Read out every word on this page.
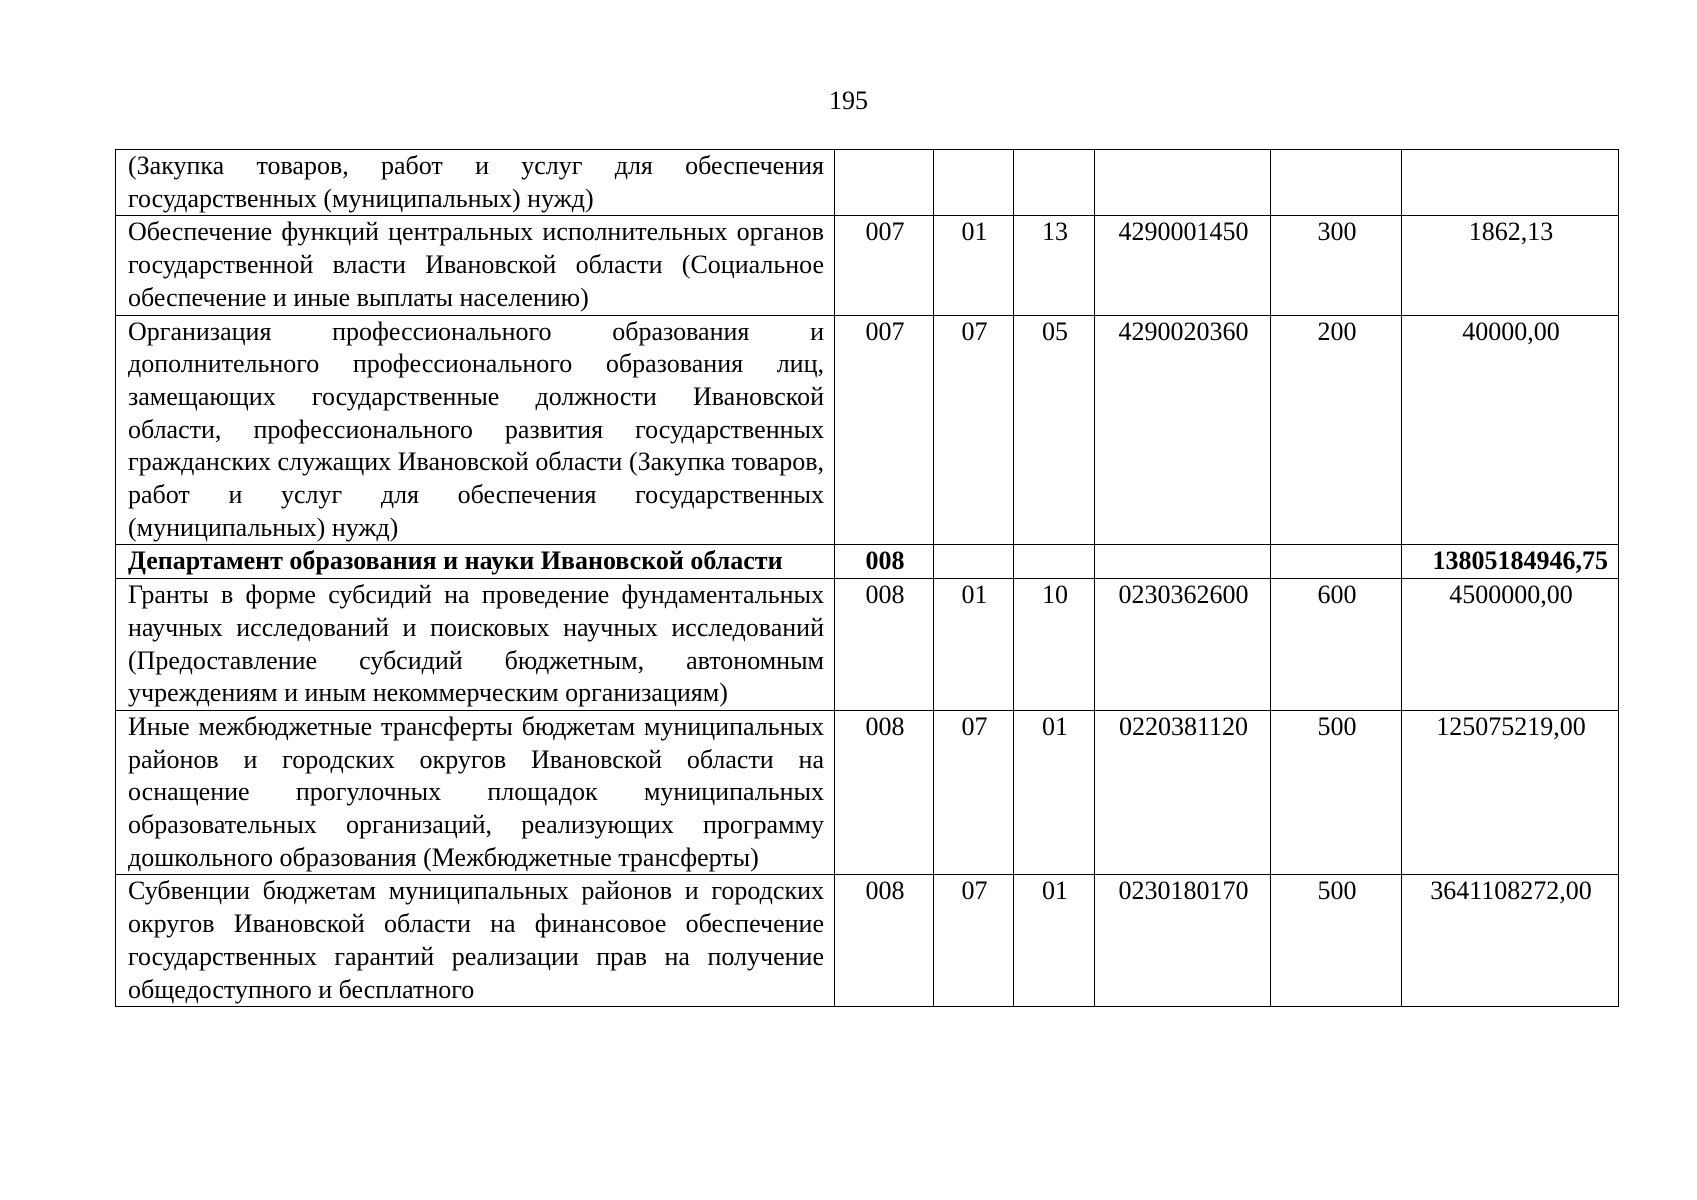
195
(Закупка товаров, работ и услуг для обеспечения государственных (муниципальных) нужд)						
Обеспечение функций центральных исполнительных органов государственной власти Ивановской области (Социальное обеспечение и иные выплаты населению)	007	01	13	4290001450	300	1862,13
Организация профессионального образования и дополнительного профессионального образования лиц, замещающих государственные должности Ивановской области, профессионального развития государственных гражданских служащих Ивановской области (Закупка товаров, работ и услуг для обеспечения государственных (муниципальных) нужд)	007	07	05	4290020360	200	40000,00
Департамент образования и науки Ивановской области	008					13805184946,75
Гранты в форме субсидий на проведение фундаментальных научных исследований и поисковых научных исследований (Предоставление субсидий бюджетным, автономным учреждениям и иным некоммерческим организациям)	008	01	10	0230362600	600	4500000,00
Иные межбюджетные трансферты бюджетам муниципальных районов и городских округов Ивановской области на оснащение прогулочных площадок муниципальных образовательных организаций, реализующих программу дошкольного образования (Межбюджетные трансферты)	008	07	01	0220381120	500	125075219,00
Субвенции бюджетам муниципальных районов и городских округов Ивановской области на финансовое обеспечение государственных гарантий реализации прав на получение общедоступного и бесплатного	008	07	01	0230180170	500	3641108272,00
